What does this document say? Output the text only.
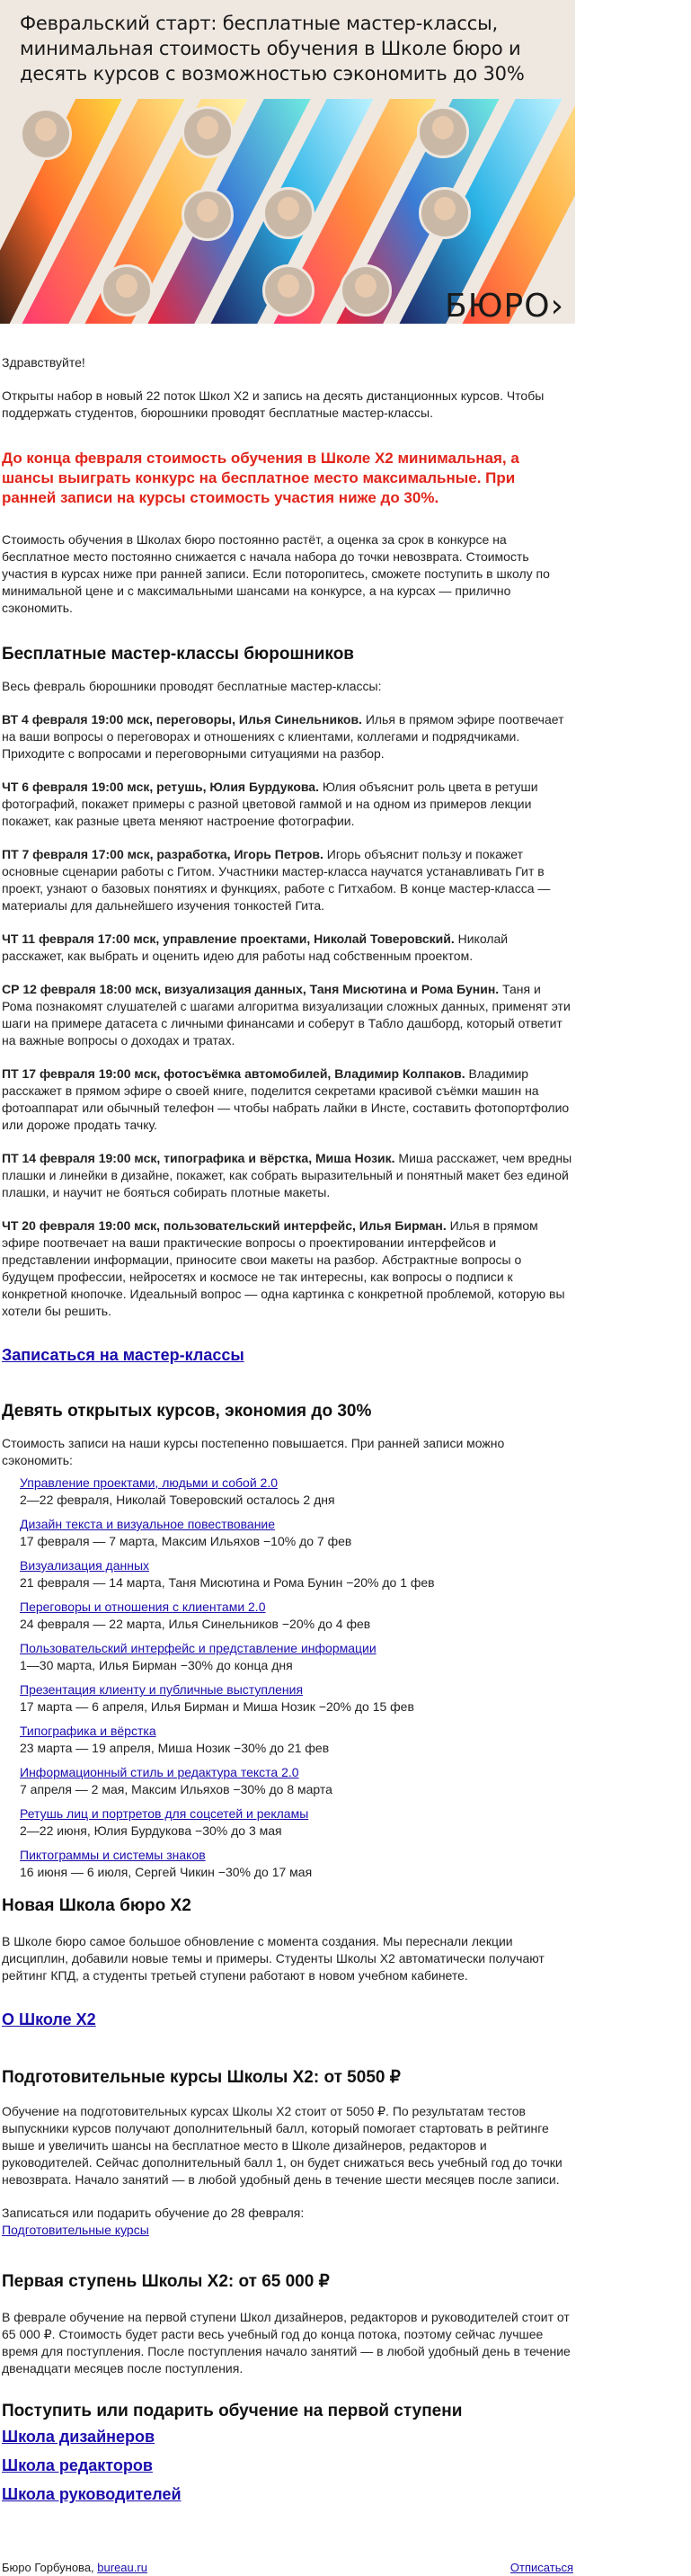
Февральский старт: бесплатные мастер-классы, минимальная стоимость обучения в Школе бюро и десять курсов с возможностью сэкономить до 30%
БЮРО›

Здравствуйте!

Открыты набор в новый 22 поток Школ X2 и запись на десять дистанционных курсов. Чтобы поддержать студентов, бюрошники проводят бесплатные мастер-классы.

До конца февраля стоимость обучения в Школе X2 минимальная, а шансы выиграть конкурс на бесплатное место максимальные. При ранней записи на курсы стоимость участия ниже до 30%.

Стоимость обучения в Школах бюро постоянно растёт, а оценка за срок в конкурсе на бесплатное место постоянно снижается с начала набора до точки невозврата. Стоимость участия в курсах ниже при ранней записи. Если поторопитесь, сможете поступить в школу по минимальной цене и с максимальными шансами на конкурсе, а на курсах — прилично сэкономить.

Бесплатные мастер-классы бюрошников

Весь февраль бюрошники проводят бесплатные мастер-классы:

ВТ 4 февраля 19:00 мск, переговоры, Илья Синельников. Илья в прямом эфире поотвечает на ваши вопросы о переговорах и отношениях с клиентами, коллегами и подрядчиками. Приходите с вопросами и переговорными ситуациями на разбор.

ЧТ 6 февраля 19:00 мск, ретушь, Юлия Бурдукова. Юлия объяснит роль цвета в ретуши фотографий, покажет примеры с разной цветовой гаммой и на одном из примеров лекции покажет, как разные цвета меняют настроение фотографии.

ПТ 7 февраля 17:00 мск, разработка, Игорь Петров. Игорь объяснит пользу и покажет основные сценарии работы с Гитом. Участники мастер-класса научатся устанавливать Гит в проект, узнают о базовых понятиях и функциях, работе с Гитхабом. В конце мастер-класса — материалы для дальнейшего изучения тонкостей Гита.

ЧТ 11 февраля 17:00 мск, управление проектами, Николай Товеровский. Николай расскажет, как выбрать и оценить идею для работы над собственным проектом.

СР 12 февраля 18:00 мск, визуализация данных, Таня Мисютина и Рома Бунин. Таня и Рома познакомят слушателей с шагами алгоритма визуализации сложных данных, применят эти шаги на примере датасета с личными финансами и соберут в Табло дашборд, который ответит на важные вопросы о доходах и тратах.

ПТ 17 февраля 19:00 мск, фотосъёмка автомобилей, Владимир Колпаков. Владимир расскажет в прямом эфире о своей книге, поделится секретами красивой съёмки машин на фотоаппарат или обычный телефон — чтобы набрать лайки в Инсте, составить фотопортфолио или дороже продать тачку.

ПТ 14 февраля 19:00 мск, типографика и вёрстка, Миша Нозик. Миша расскажет, чем вредны плашки и линейки в дизайне, покажет, как собрать выразительный и понятный макет без единой плашки, и научит не бояться собирать плотные макеты.

ЧТ 20 февраля 19:00 мск, пользовательский интерфейс, Илья Бирман. Илья в прямом эфире поотвечает на ваши практические вопросы о проектировании интерфейсов и представлении информации, приносите свои макеты на разбор. Абстрактные вопросы о будущем профессии, нейросетях и космосе не так интересны, как вопросы о подписи к конкретной кнопочке. Идеальный вопрос — одна картинка с конкретной проблемой, которую вы хотели бы решить.

Записаться на мастер-классы
Девять открытых курсов, экономия до 30%

Стоимость записи на наши курсы постепенно повышается. При ранней записи можно сэкономить:

Управление проектами, людьми и собой 2.0
2—22 февраля, Николай Товеровский осталось 2 дня
Дизайн текста и визуальное повествование
17 февраля — 7 марта, Максим Ильяхов −10% до 7 фев
Визуализация данных
21 февраля — 14 марта, Таня Мисютина и Рома Бунин −20% до 1 фев
Переговоры и отношения с клиентами 2.0
24 февраля — 22 марта, Илья Синельников −20% до 4 фев
Пользовательский интерфейс и представление информации
1—30 марта, Илья Бирман −30% до конца дня
Презентация клиенту и публичные выступления
17 марта — 6 апреля, Илья Бирман и Миша Нозик −20% до 15 фев
Типографика и вёрстка
23 марта — 19 апреля, Миша Нозик −30% до 21 фев
Информационный стиль и редактура текста 2.0
7 апреля — 2 мая, Максим Ильяхов −30% до 8 марта
Ретушь лиц и портретов для соцсетей и рекламы
2—22 июня, Юлия Бурдукова −30% до 3 мая
Пиктограммы и системы знаков
16 июня — 6 июля, Сергей Чикин −30% до 17 мая
Новая Школа бюро X2

В Школе бюро самое большое обновление с момента создания. Мы переснали лекции дисциплин, добавили новые темы и примеры. Студенты Школы X2 автоматически получают рейтинг КПД, а студенты третьей ступени работают в новом учебном кабинете.

О Школе X2
Подготовительные курсы Школы X2: от 5050 ₽

Обучение на подготовительных курсах Школы X2 стоит от 5050 ₽. По результатам тестов выпускники курсов получают дополнительный балл, который помогает стартовать в рейтинге выше и увеличить шансы на бесплатное место в Школе дизайнеров, редакторов и руководителей. Сейчас дополнительный балл 1, он будет снижаться весь учебный год до точки невозврата. Начало занятий — в любой удобный день в течение шести месяцев после записи.

Записаться или подарить обучение до 28 февраля:

Подготовительные курсы
Первая ступень Школы X2: от 65 000 ₽

В феврале обучение на первой ступени Школ дизайнеров, редакторов и руководителей стоит от 65 000 ₽. Стоимость будет расти весь учебный год до конца потока, поэтому сейчас лучшее время для поступления. После поступления начало занятий — в любой удобный день в течение двенадцати месяцев после поступления.

Поступить или подарить обучение на первой ступени
Школа дизайнеров
Школа редакторов
Школа руководителей
Бюро Горбунова, bureau.ru	Отписаться
